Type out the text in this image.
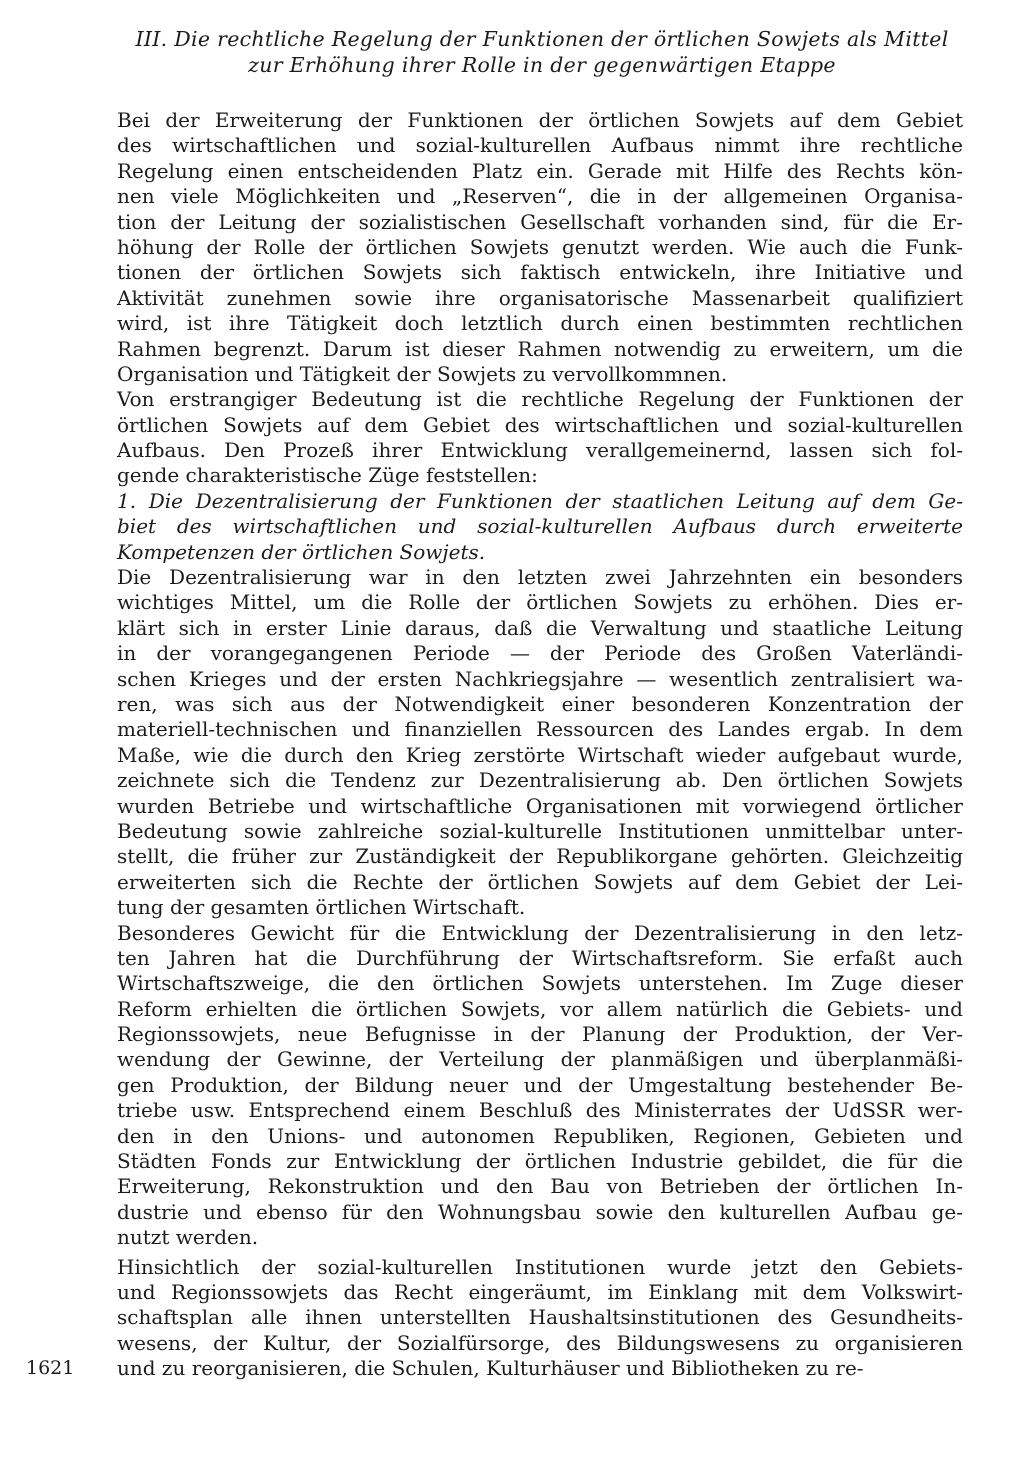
III. Die rechtliche Regelung der Funktionen der örtlichen Sowjets als Mittel
zur Erhöhung ihrer Rolle in der gegenwärtigen Etappe
Bei der Erweiterung der Funktionen der örtlichen Sowjets auf dem Gebiet
des wirtschaftlichen und sozial-kulturellen Aufbaus nimmt ihre rechtliche
Regelung einen entscheidenden Platz ein. Gerade mit Hilfe des Rechts kön-
nen viele Möglichkeiten und „Reserven“, die in der allgemeinen Organisa-
tion der Leitung der sozialistischen Gesellschaft vorhanden sind, für die Er-
höhung der Rolle der örtlichen Sowjets genutzt werden. Wie auch die Funk-
tionen der örtlichen Sowjets sich faktisch entwickeln, ihre Initiative und
Aktivität zunehmen sowie ihre organisatorische Massenarbeit qualifiziert
wird, ist ihre Tätigkeit doch letztlich durch einen bestimmten rechtlichen
Rahmen begrenzt. Darum ist dieser Rahmen notwendig zu erweitern, um die
Organisation und Tätigkeit der Sowjets zu vervollkommnen.
Von erstrangiger Bedeutung ist die rechtliche Regelung der Funktionen der
örtlichen Sowjets auf dem Gebiet des wirtschaftlichen und sozial-kulturellen
Aufbaus. Den Prozeß ihrer Entwicklung verallgemeinernd, lassen sich fol-
gende charakteristische Züge feststellen:
1. Die Dezentralisierung der Funktionen der staatlichen Leitung auf dem Ge-
biet des wirtschaftlichen und sozial-kulturellen Aufbaus durch erweiterte
Kompetenzen der örtlichen Sowjets.
Die Dezentralisierung war in den letzten zwei Jahrzehnten ein besonders
wichtiges Mittel, um die Rolle der örtlichen Sowjets zu erhöhen. Dies er-
klärt sich in erster Linie daraus, daß die Verwaltung und staatliche Leitung
in der vorangegangenen Periode — der Periode des Großen Vaterländi-
schen Krieges und der ersten Nachkriegsjahre — wesentlich zentralisiert wa-
ren, was sich aus der Notwendigkeit einer besonderen Konzentration der
materiell-technischen und finanziellen Ressourcen des Landes ergab. In dem
Maße, wie die durch den Krieg zerstörte Wirtschaft wieder aufgebaut wurde,
zeichnete sich die Tendenz zur Dezentralisierung ab. Den örtlichen Sowjets
wurden Betriebe und wirtschaftliche Organisationen mit vorwiegend örtlicher
Bedeutung sowie zahlreiche sozial-kulturelle Institutionen unmittelbar unter-
stellt, die früher zur Zuständigkeit der Republikorgane gehörten. Gleichzeitig
erweiterten sich die Rechte der örtlichen Sowjets auf dem Gebiet der Lei-
tung der gesamten örtlichen Wirtschaft.
Besonderes Gewicht für die Entwicklung der Dezentralisierung in den letz-
ten Jahren hat die Durchführung der Wirtschaftsreform. Sie erfaßt auch
Wirtschaftszweige, die den örtlichen Sowjets unterstehen. Im Zuge dieser
Reform erhielten die örtlichen Sowjets, vor allem natürlich die Gebiets- und
Regionssowjets, neue Befugnisse in der Planung der Produktion, der Ver-
wendung der Gewinne, der Verteilung der planmäßigen und überplanmäßi-
gen Produktion, der Bildung neuer und der Umgestaltung bestehender Be-
triebe usw. Entsprechend einem Beschluß des Ministerrates der UdSSR wer-
den in den Unions- und autonomen Republiken, Regionen, Gebieten und
Städten Fonds zur Entwicklung der örtlichen Industrie gebildet, die für die
Erweiterung, Rekonstruktion und den Bau von Betrieben der örtlichen In-
dustrie und ebenso für den Wohnungsbau sowie den kulturellen Aufbau ge-
nutzt werden.
Hinsichtlich der sozial-kulturellen Institutionen wurde jetzt den Gebiets-
und Regionssowjets das Recht eingeräumt, im Einklang mit dem Volkswirt-
schaftsplan alle ihnen unterstellten Haushaltsinstitutionen des Gesundheits-
wesens, der Kultur, der Sozialfürsorge, des Bildungswesens zu organisieren
und zu reorganisieren, die Schulen, Kulturhäuser und Bibliotheken zu re-
1621
